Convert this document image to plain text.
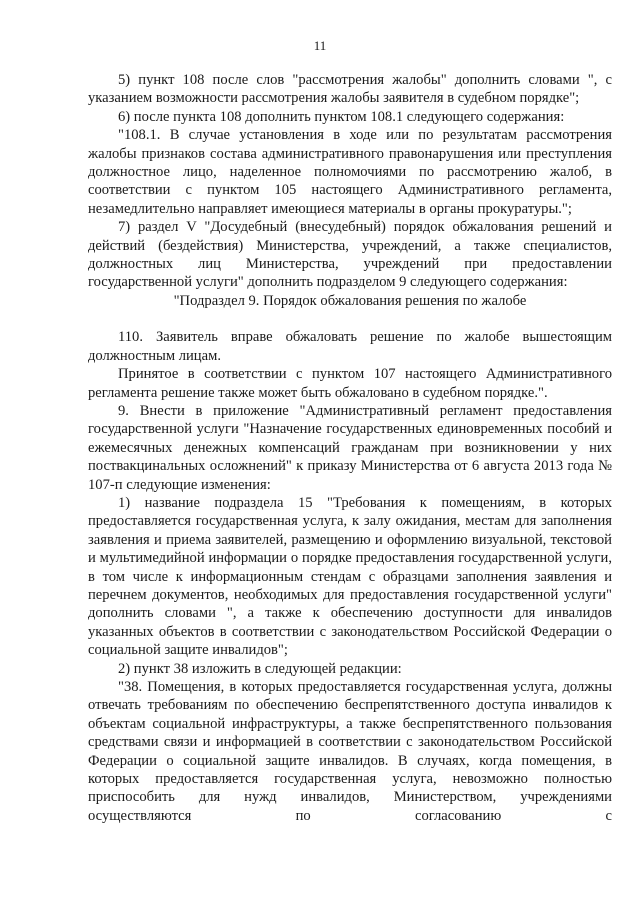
11

5) пункт 108 после слов "рассмотрения жалобы" дополнить словами ", с указанием возможности рассмотрения жалобы заявителя в судебном порядке";

6) после пункта 108 дополнить пунктом 108.1 следующего содержания:

"108.1. В случае установления в ходе или по результатам рассмотрения жалобы признаков состава административного правонарушения или преступления должностное лицо, наделенное полномочиями по рассмотрению жалоб, в соответствии с пунктом 105 настоящего Административного регламента, незамедлительно направляет имеющиеся материалы в органы прокуратуры.";

7) раздел V "Досудебный (внесудебный) порядок обжалования решений и действий (бездействия) Министерства, учреждений, а также специалистов, должностных лиц Министерства, учреждений при предоставлении государственной услуги" дополнить подразделом 9 следующего содержания:

"Подраздел 9. Порядок обжалования решения по жалобе

110. Заявитель вправе обжаловать решение по жалобе вышестоящим должностным лицам.

Принятое в соответствии с пунктом 107 настоящего Административного регламента решение также может быть обжаловано в судебном порядке.".

9. Внести в приложение "Административный регламент предоставления государственной услуги "Назначение государственных единовременных пособий и ежемесячных денежных компенсаций гражданам при возникновении у них поствакцинальных осложнений" к приказу Министерства от 6 августа 2013 года № 107-п следующие изменения:

1) название подраздела 15 "Требования к помещениям, в которых предоставляется государственная услуга, к залу ожидания, местам для заполнения заявления и приема заявителей, размещению и оформлению визуальной, текстовой и мультимедийной информации о порядке предоставления государственной услуги, в том числе к информационным стендам с образцами заполнения заявления и перечнем документов, необходимых для предоставления государственной услуги" дополнить словами ", а также к обеспечению доступности для инвалидов указанных объектов в соответствии с законодательством Российской Федерации о социальной защите инвалидов";

2) пункт 38 изложить в следующей редакции:

"38. Помещения, в которых предоставляется государственная услуга, должны отвечать требованиям по обеспечению беспрепятственного доступа инвалидов к объектам социальной инфраструктуры, а также беспрепятственного пользования средствами связи и информацией в соответствии с законодательством Российской Федерации о социальной защите инвалидов. В случаях, когда помещения, в которых предоставляется государственная услуга, невозможно полностью приспособить для нужд инвалидов, Министерством, учреждениями осуществляются по согласованию с
